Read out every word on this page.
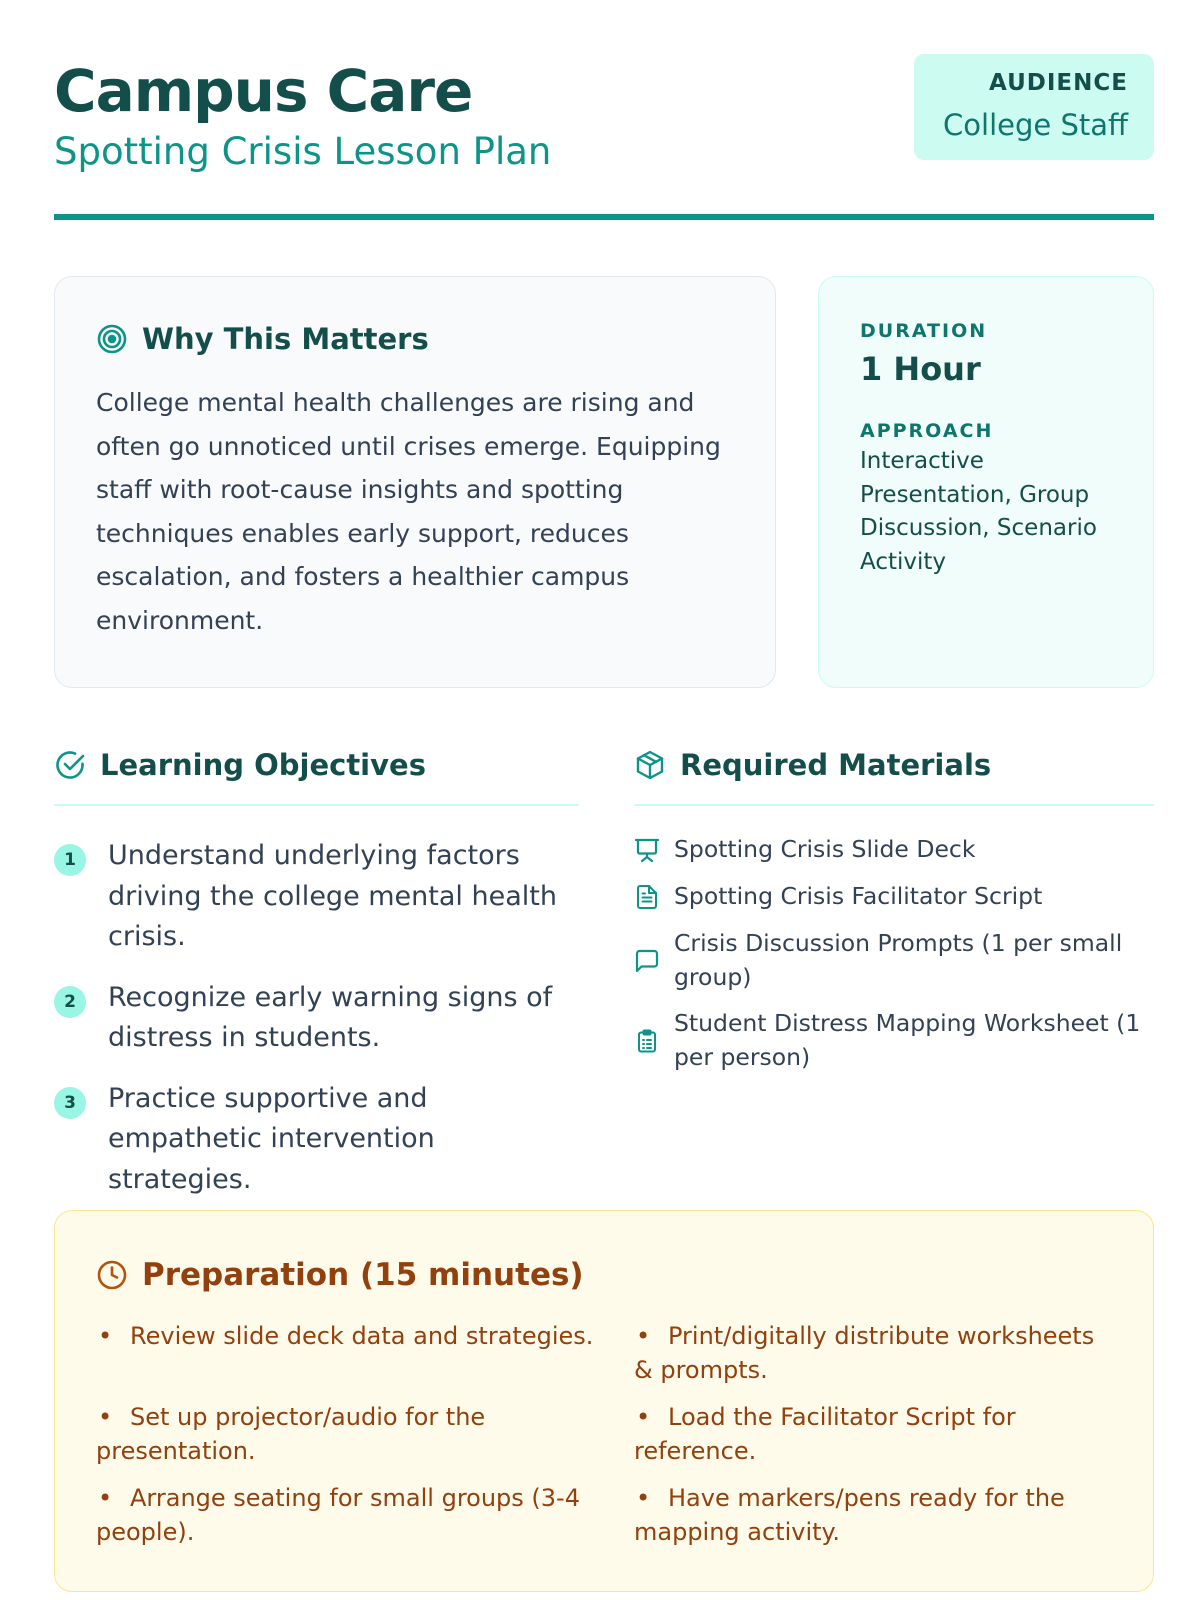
Campus Care
Spotting Crisis Lesson Plan
AUDIENCE
College Staff
Why This Matters

College mental health challenges are rising and often go unnoticed until crises emerge. Equipping staff with root-cause insights and spotting techniques enables early support, reduces escalation, and fosters a healthier campus environment.

DURATION
1 Hour
APPROACH
Interactive Presentation, Group Discussion, Scenario Activity
Learning Objectives
1	Understand underlying factors driving the college mental health crisis.
2	Recognize early warning signs of distress in students.
3	Practice supportive and empathetic intervention strategies.
Required Materials
Spotting Crisis Slide Deck
Spotting Crisis Facilitator Script
Crisis Discussion Prompts (1 per small group)
Student Distress Mapping Worksheet (1 per person)
Preparation (15 minutes)
• Review slide deck data and strategies.	• Print/digitally distribute worksheets & prompts.
• Set up projector/audio for the presentation.
• Load the Facilitator Script for reference.
• Arrange seating for small groups (3-4 people).
• Have markers/pens ready for the mapping activity.
